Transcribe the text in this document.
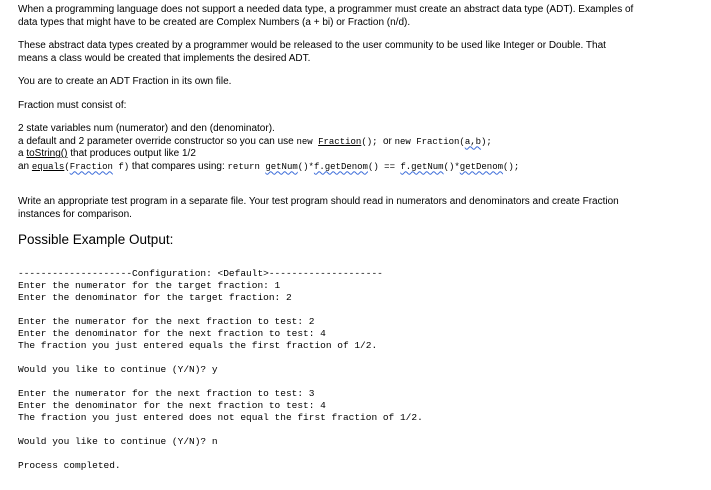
When a programming language does not support a needed data type, a programmer must create an abstract data type (ADT). Examples of

data types that might have to be created are Complex Numbers (a + bi) or Fraction (n/d).

These abstract data types created by a programmer would be released to the user community to be used like Integer or Double. That

means a class would be created that implements the desired ADT.

You are to create an ADT Fraction in its own file.

Fraction must consist of:

2 state variables num (numerator) and den (denominator).

a default and 2 parameter override constructor so you can use new Fraction(); or new Fraction(a,b);

a toString() that produces output like 1/2

an equals(Fraction f) that compares using: return getNum()*f.getDenom() == f.getNum()*getDenom();

Write an appropriate test program in a separate file. Your test program should read in numerators and denominators and create Fraction

instances for comparison.

Possible Example Output:

--------------------Configuration: <Default>--------------------

Enter the numerator for the target fraction: 1

Enter the denominator for the target fraction: 2

Enter the numerator for the next fraction to test: 2

Enter the denominator for the next fraction to test: 4

The fraction you just entered equals the first fraction of 1/2.

Would you like to continue (Y/N)? y

Enter the numerator for the next fraction to test: 3

Enter the denominator for the next fraction to test: 4

The fraction you just entered does not equal the first fraction of 1/2.

Would you like to continue (Y/N)? n

Process completed.
